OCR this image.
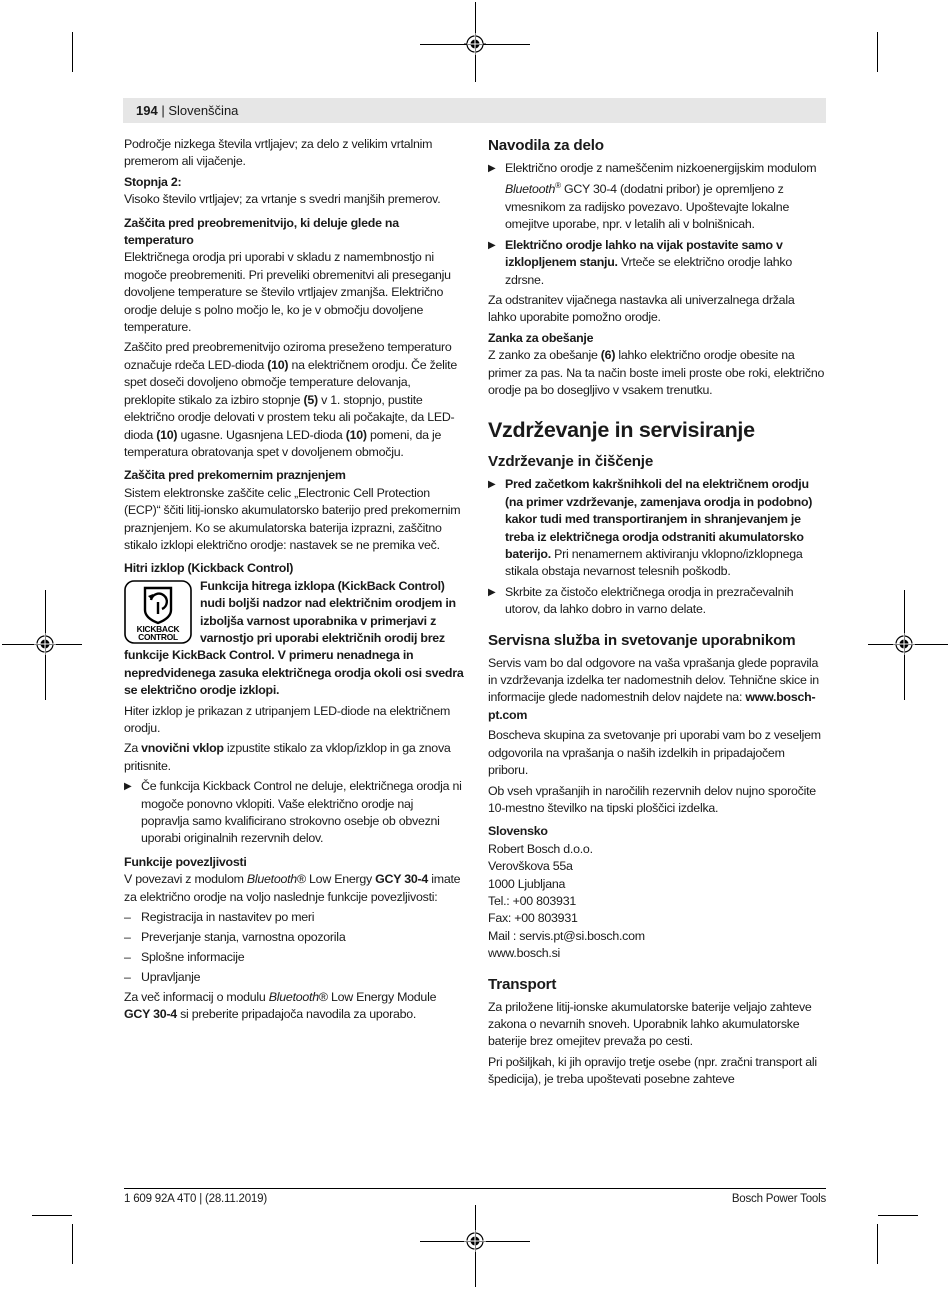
194 | Slovenščina

Področje nizkega števila vrtljajev; za delo z velikim vrtalnim premerom ali vijačenje.

Stopnja 2:

Visoko število vrtljajev; za vrtanje s svedri manjših premerov.

Zaščita pred preobremenitvijo, ki deluje glede na temperaturo

Električnega orodja pri uporabi v skladu z namembnostjo ni mogoče preobremeniti. Pri preveliki obremenitvi ali preseganju dovoljene temperature se število vrtljajev zmanjša. Električno orodje deluje s polno močjo le, ko je v območju dovoljene temperature.

Zaščito pred preobremenitvijo oziroma preseženo temperaturo označuje rdeča LED-dioda (10) na električnem orodju. Če želite spet doseči dovoljeno območje temperature delovanja, preklopite stikalo za izbiro stopnje (5) v 1. stopnjo, pustite električno orodje delovati v prostem teku ali počakajte, da LED-dioda (10) ugasne. Ugasnjena LED-dioda (10) pomeni, da je temperatura obratovanja spet v dovoljenem območju.

Zaščita pred prekomernim praznjenjem

Sistem elektronske zaščite celic „Electronic Cell Protection (ECP)“ ščiti litij-ionsko akumulatorsko baterijo pred prekomernim praznjenjem. Ko se akumulatorska baterija izprazni, zaščitno stikalo izklopi električno orodje: nastavek se ne premika več.

Hitri izklop (Kickback Control)
KICKBACK
CONTROL
Funkcija hitrega izklopa (KickBack Control) nudi boljši nadzor nad električnim orodjem in izboljša varnost uporabnika v primerjavi z varnostjo pri uporabi električnih orodij brez funkcije KickBack Control. V primeru nenadnega in nepredvidenega zasuka električnega orodja okoli osi svedra se električno orodje izklopi.

Hiter izklop je prikazan z utripanjem LED-diode na električnem orodju.

Za vnovični vklop izpustite stikalo za vklop/izklop in ga znova pritisnite.

▶ Če funkcija Kickback Control ne deluje, električnega orodja ni mogoče ponovno vklopiti. Vaše električno orodje naj popravlja samo kvalificirano strokovno osebje ob obvezni uporabi originalnih rezervnih delov.
Funkcije povezljivosti

V povezavi z modulom Bluetooth® Low Energy GCY 30-4 imate za električno orodje na voljo naslednje funkcije povezljivosti:

– Registracija in nastavitev po meri
– Preverjanje stanja, varnostna opozorila
– Splošne informacije
– Upravljanje

Za več informacij o modulu Bluetooth® Low Energy Module GCY 30-4 si preberite pripadajoča navodila za uporabo.

Navodila za delo
▶ Električno orodje z nameščenim nizkoenergijskim modulom Bluetooth® GCY 30-4 (dodatni pribor) je opremljeno z vmesnikom za radijsko povezavo. Upoštevajte lokalne omejitve uporabe, npr. v letalih ali v bolnišnicah.
▶ Električno orodje lahko na vijak postavite samo v izklopljenem stanju. Vrteče se električno orodje lahko zdrsne.

Za odstranitev vijačnega nastavka ali univerzalnega držala lahko uporabite pomožno orodje.

Zanka za obešanje

Z zanko za obešanje (6) lahko električno orodje obesite na primer za pas. Na ta način boste imeli proste obe roki, električno orodje pa bo dosegljivo v vsakem trenutku.

Vzdrževanje in servisiranje
Vzdrževanje in čiščenje
▶ Pred začetkom kakršnihkoli del na električnem orodju (na primer vzdrževanje, zamenjava orodja in podobno) kakor tudi med transportiranjem in shranjevanjem je treba iz električnega orodja odstraniti akumulatorsko baterijo. Pri nenamernem aktiviranju vklopno/izklopnega stikala obstaja nevarnost telesnih poškodb.
▶ Skrbite za čistočo električnega orodja in prezračevalnih utorov, da lahko dobro in varno delate.
Servisna služba in svetovanje uporabnikom

Servis vam bo dal odgovore na vaša vprašanja glede popravila in vzdrževanja izdelka ter nadomestnih delov. Tehnične skice in informacije glede nadomestnih delov najdete na: www.bosch-pt.com

Boscheva skupina za svetovanje pri uporabi vam bo z veseljem odgovorila na vprašanja o naših izdelkih in pripadajočem priboru.

Ob vseh vprašanjih in naročilih rezervnih delov nujno sporočite 10-mestno številko na tipski ploščici izdelka.

Slovensko

Robert Bosch d.o.o.

Verovškova 55a

1000 Ljubljana

Tel.: +00 803931

Fax: +00 803931

Mail : servis.pt@si.bosch.com

www.bosch.si

Transport

Za priložene litij-ionske akumulatorske baterije veljajo zahteve zakona o nevarnih snoveh. Uporabnik lahko akumulatorske baterije brez omejitev prevaža po cesti.

Pri pošiljkah, ki jih opravijo tretje osebe (npr. zračni transport ali špedicija), je treba upoštevati posebne zahteve

1 609 92A 4T0 | (28.11.2019)	Bosch Power Tools
